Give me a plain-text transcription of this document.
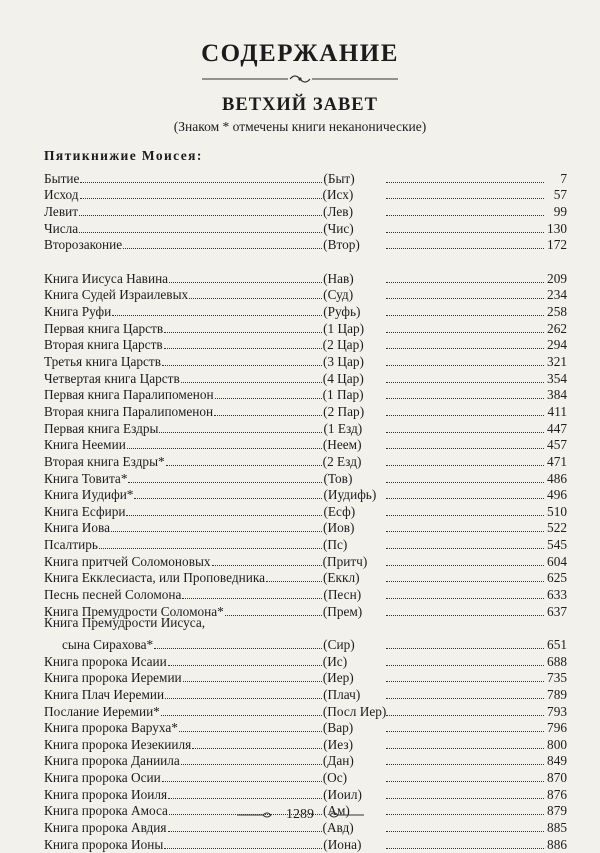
СОДЕРЖАНИЕ
ВЕТХИЙ ЗАВЕТ
(Знаком * отмечены книги неканонические)
Пятикнижие Моисея:
Бытие	(Быт)	7
Исход	(Исх)	57
Левит	(Лев)	99
Числа	(Чис)	130
Второзаконие	(Втор)	172
Книга Иисуса Навина	(Нав)	209
Книга Судей Израилевых	(Суд)	234
Книга Руфи	(Руфь)	258
Первая книга Царств	(1 Цар)	262
Вторая книга Царств	(2 Цар)	294
Третья книга Царств	(3 Цар)	321
Четвертая книга Царств	(4 Цар)	354
Первая книга Паралипоменон	(1 Пар)	384
Вторая книга Паралипоменон	(2 Пар)	411
Первая книга Ездры	(1 Езд)	447
Книга Неемии	(Неем)	457
Вторая книга Ездры*	(2 Езд)	471
Книга Товита*	(Тов)	486
Книга Иудифи*	(Иудифь)	496
Книга Есфири	(Есф)	510
Книга Иова	(Иов)	522
Псалтирь	(Пс)	545
Книга притчей Соломоновых	(Притч)	604
Книга Екклесиаста, или Проповедника	(Еккл)	625
Песнь песней Соломона	(Песн)	633
Книга Премудрости Соломона*	(Прем)	637
Книга Премудрости Иисуса,
сына Сирахова*	(Сир)	651
Книга пророка Исаии	(Ис)	688
Книга пророка Иеремии	(Иер)	735
Книга Плач Иеремии	(Плач)	789
Послание Иеремии*	(Посл Иер)	793
Книга пророка Варуха*	(Вар)	796
Книга пророка Иезекииля	(Иез)	800
Книга пророка Даниила	(Дан)	849
Книга пророка Осии	(Ос)	870
Книга пророка Иоиля	(Иоил)	876
Книга пророка Амоса	(Ам)	879
Книга пророка Авдия	(Авд)	885
Книга пророка Ионы	(Иона)	886
1289
